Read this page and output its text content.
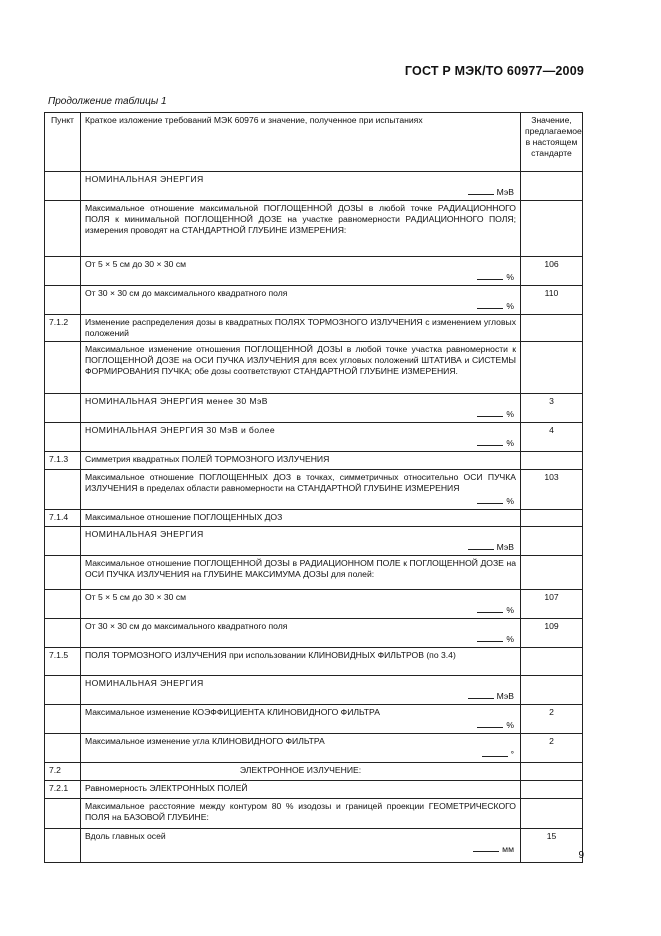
ГОСТ Р МЭК/ТО 60977—2009
Продолжение таблицы 1
Пункт	Краткое изложение требований МЭК 60976 и значение, полученное при испытаниях	Значение, предлагаемое в настоящем стандарте

	НОМИНАЛЬНАЯ ЭНЕРГИЯ
МэВ	

	Максимальное отношение максимальной ПОГЛОЩЕННОЙ ДОЗЫ в любой точке РАДИАЦИОННОГО ПОЛЯ к минимальной ПОГЛОЩЕННОЙ ДОЗЕ на участке равномерности РАДИАЦИОННОГО ПОЛЯ; измерения проводят на СТАНДАРТНОЙ ГЛУБИНЕ ИЗМЕРЕНИЯ:	

	От 5 × 5 см до 30 × 30 см
%	106

	От 30 × 30 см до максимального квадратного поля
%	110
7.1.2	Изменение распределения дозы в квадратных ПОЛЯХ ТОРМОЗНОГО ИЗЛУЧЕНИЯ с изменением угловых положений	

	Максимальное изменение отношения ПОГЛОЩЕННОЙ ДОЗЫ в любой точке участка равномерности к ПОГЛОЩЕННОЙ ДОЗЕ на ОСИ ПУЧКА ИЗЛУЧЕНИЯ для всех угловых положений ШТАТИВА и СИСТЕМЫ ФОРМИРОВАНИЯ ПУЧКА; обе дозы соответствуют СТАНДАРТНОЙ ГЛУБИНЕ ИЗМЕРЕНИЯ.	

	НОМИНАЛЬНАЯ ЭНЕРГИЯ менее 30 МэВ
%	3

	НОМИНАЛЬНАЯ ЭНЕРГИЯ 30 МэВ и более
%	4
7.1.3	Симметрия квадратных ПОЛЕЙ ТОРМОЗНОГО ИЗЛУЧЕНИЯ	

	Максимальное отношение ПОГЛОЩЕННЫХ ДОЗ в точках, симметричных относительно ОСИ ПУЧКА ИЗЛУЧЕНИЯ в пределах области равномерности на СТАНДАРТНОЙ ГЛУБИНЕ ИЗМЕРЕНИЯ
%	103
7.1.4	Максимальное отношение ПОГЛОЩЕННЫХ ДОЗ	

	НОМИНАЛЬНАЯ ЭНЕРГИЯ
МэВ	

	Максимальное отношение ПОГЛОЩЕННОЙ ДОЗЫ в РАДИАЦИОННОМ ПОЛЕ к ПОГЛОЩЕННОЙ ДОЗЕ на ОСИ ПУЧКА ИЗЛУЧЕНИЯ на ГЛУБИНЕ МАКСИМУМА ДОЗЫ для полей:	

	От 5 × 5 см до 30 × 30 см
%	107

	От 30 × 30 см до максимального квадратного поля
%	109
7.1.5	ПОЛЯ ТОРМОЗНОГО ИЗЛУЧЕНИЯ при использовании КЛИНОВИДНЫХ ФИЛЬТРОВ (по 3.4)	

	НОМИНАЛЬНАЯ ЭНЕРГИЯ
МэВ	

	Максимальное изменение КОЭФФИЦИЕНТА КЛИНОВИДНОГО ФИЛЬТРА
%	2

	Максимальное изменение угла КЛИНОВИДНОГО ФИЛЬТРА
°	2
7.2	ЭЛЕКТРОННОЕ ИЗЛУЧЕНИЕ:	

7.2.1	Равномерность ЭЛЕКТРОННЫХ ПОЛЕЙ	

	Максимальное расстояние между контуром 80 % изодозы и границей проекции ГЕОМЕТРИЧЕСКОГО ПОЛЯ на БАЗОВОЙ ГЛУБИНЕ:	

	Вдоль главных осей
мм	15
9
